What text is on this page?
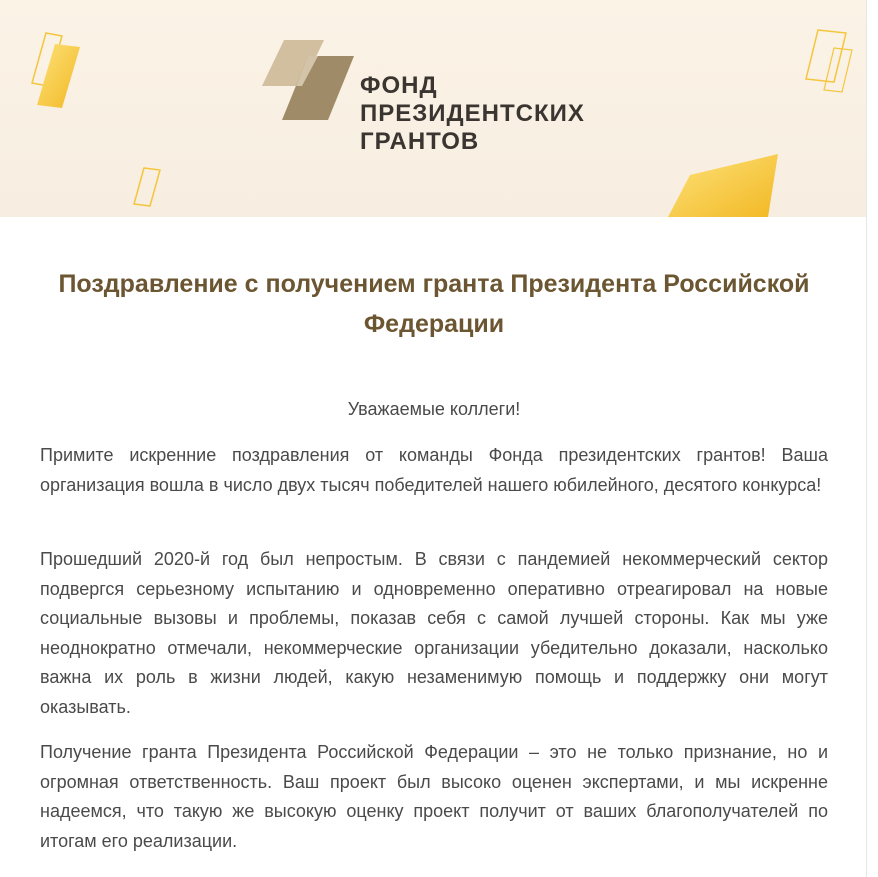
ФОНД
ПРЕЗИДЕНТСКИХ
ГРАНТОВ
Поздравление с получением гранта Президента Российской Федерации

Уважаемые коллеги!

Примите искренние поздравления от команды Фонда президентских грантов! Ваша организация вошла в число двух тысяч победителей нашего юбилейного, десятого конкурса!

Прошедший 2020-й год был непростым. В связи с пандемией некоммерческий сектор подвергся серьезному испытанию и одновременно оперативно отреагировал на новые социальные вызовы и проблемы, показав себя с самой лучшей стороны. Как мы уже неоднократно отмечали, некоммерческие организации убедительно доказали, насколько важна их роль в жизни людей, какую незаменимую помощь и поддержку они могут оказывать.

Получение гранта Президента Российской Федерации – это не только признание, но и огромная ответственность. Ваш проект был высоко оценен экспертами, и мы искренне надеемся, что такую же высокую оценку проект получит от ваших благополучателей по итогам его реализации.
